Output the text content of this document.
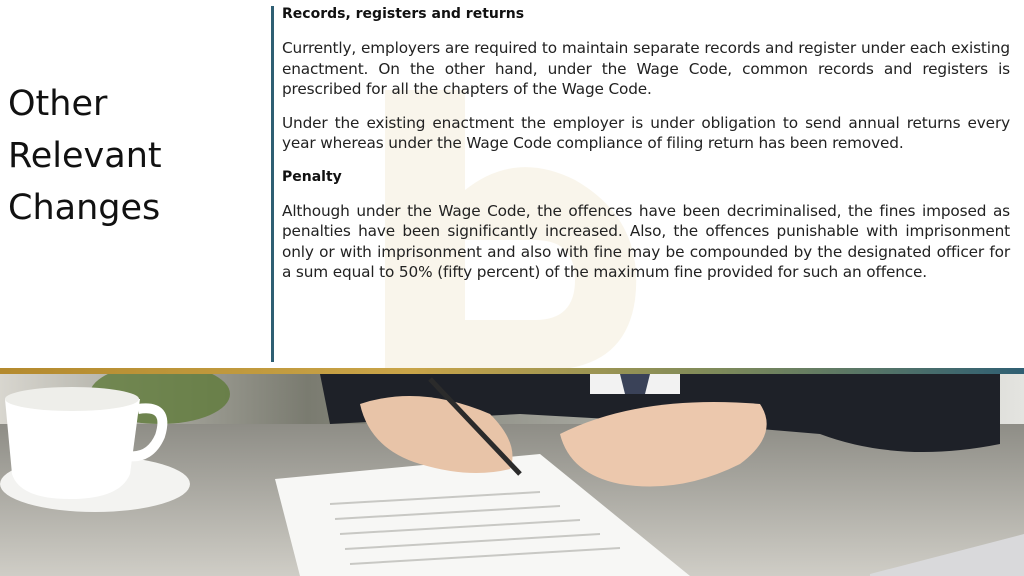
Other
Relevant
Changes
Records, registers and returns

Currently, employers are required to maintain separate records and register under each existing enactment. On the other hand, under the Wage Code, common records and registers is prescribed for all the chapters of the Wage Code.

Under the existing enactment the employer is under obligation to send annual returns every year whereas under the Wage Code compliance of filing return has been removed.

Penalty

Although under the Wage Code, the offences have been decriminalised, the fines imposed as penalties have been significantly increased. Also, the offences punishable with imprisonment only or with imprisonment and also with fine may be compounded by the designated officer for a sum equal to 50% (fifty percent) of the maximum fine provided for such an offence.
